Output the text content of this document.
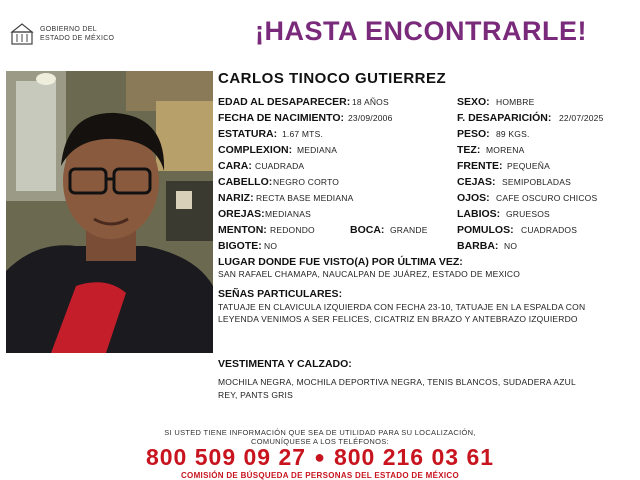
GOBIERNO DEL
ESTADO DE MÉXICO	¡HASTA ENCONTRARLE!
CARLOS TINOCO GUTIERREZ
EDAD AL DESAPARECER: 18 AÑOS
FECHA DE NACIMIENTO: 23/09/2006
ESTATURA: 1.67 MTS.
COMPLEXION: MEDIANA
CARA: CUADRADA
CABELLO: NEGRO CORTO
NARIZ: RECTA BASE MEDIANA
OREJAS: MEDIANAS
MENTON: REDONDO	BOCA: GRANDE
BIGOTE: NO
SEXO: HOMBRE
F. DESAPARICIÓN: 22/07/2025
PESO: 89 KGS.
TEZ: MORENA
FRENTE: PEQUEÑA
CEJAS: SEMIPOBLADAS
OJOS: CAFE OSCURO CHICOS
LABIOS: GRUESOS
POMULOS: CUADRADOS
BARBA: NO
LUGAR DONDE FUE VISTO(A) POR ÚLTIMA VEZ:
SAN RAFAEL CHAMAPA, NAUCALPAN DE JUÁREZ, ESTADO DE MEXICO
SEÑAS PARTICULARES:
TATUAJE EN CLAVICULA IZQUIERDA CON FECHA 23-10, TATUAJE EN LA ESPALDA CON
LEYENDA VENIMOS A SER FELICES, CICATRIZ EN BRAZO Y ANTEBRAZO IZQUIERDO
VESTIMENTA Y CALZADO:
MOCHILA NEGRA, MOCHILA DEPORTIVA NEGRA, TENIS BLANCOS, SUDADERA AZUL
REY, PANTS GRIS
SI USTED TIENE INFORMACIÓN QUE SEA DE UTILIDAD PARA SU LOCALIZACIÓN,
COMUNÍQUESE A LOS TELÉFONOS:
800 509 09 27 ● 800 216 03 61
COMISIÓN DE BÚSQUEDA DE PERSONAS DEL ESTADO DE MÉXICO
